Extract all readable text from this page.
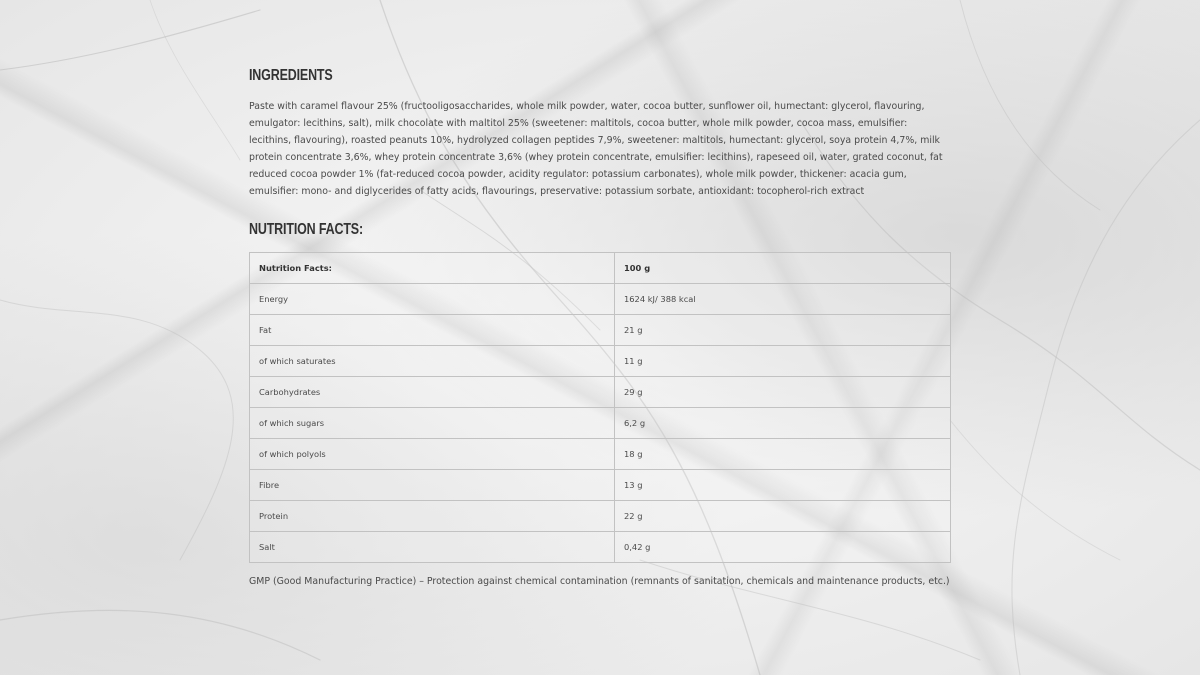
INGREDIENTS

Paste with caramel flavour 25% (fructooligosaccharides, whole milk powder, water, cocoa butter, sunflower oil, humectant: glycerol, flavouring, emulgator: lecithins, salt), milk chocolate with maltitol 25% (sweetener: maltitols, cocoa butter, whole milk powder, cocoa mass, emulsifier: lecithins, flavouring), roasted peanuts 10%, hydrolyzed collagen peptides 7,9%, sweetener: maltitols, humectant: glycerol, soya protein 4,7%, milk protein concentrate 3,6%, whey protein concentrate 3,6% (whey protein concentrate, emulsifier: lecithins), rapeseed oil, water, grated coconut, fat reduced cocoa powder 1% (fat-reduced cocoa powder, acidity regulator: potassium carbonates), whole milk powder, thickener: acacia gum, emulsifier: mono- and diglycerides of fatty acids, flavourings, preservative: potassium sorbate, antioxidant: tocopherol-rich extract

NUTRITION FACTS:
Nutrition Facts:	100 g
Energy	1624 kJ/ 388 kcal
Fat	21 g
of which saturates	11 g
Carbohydrates	29 g
of which sugars	6,2 g
of which polyols	18 g
Fibre	13 g
Protein	22 g
Salt	0,42 g
GMP (Good Manufacturing Practice) – Protection against chemical contamination (remnants of sanitation, chemicals and maintenance products, etc.)
